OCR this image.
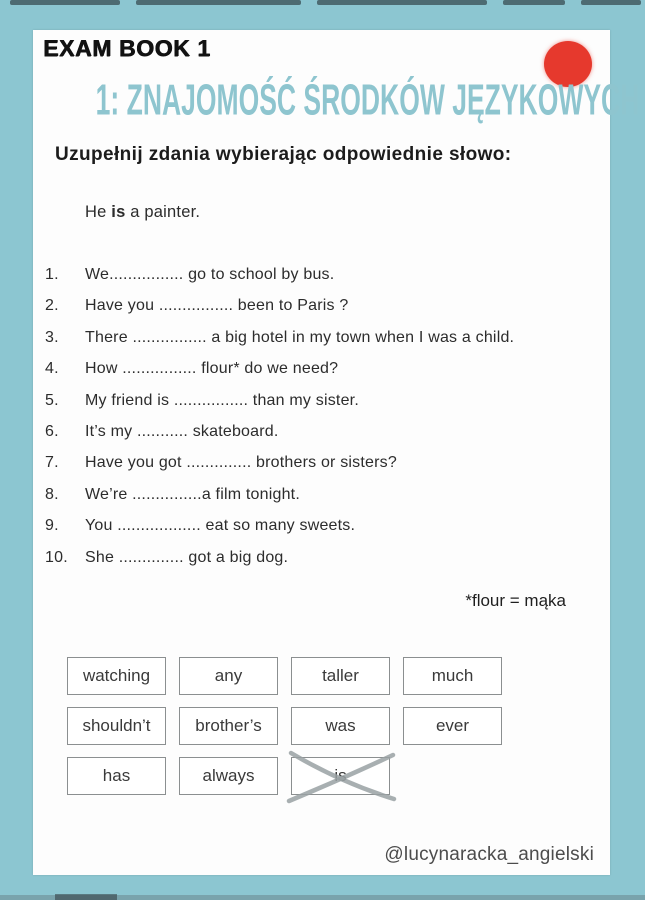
EXAM BOOK 1
1: ZNAJOMOŚĆ ŚRODKÓW JĘZYKOWYCH
Uzupełnij zdania wybierając odpowiednie słowo:
He is a painter.
1.	We................ go to school by bus.
2.	Have you ................ been to Paris ?
3.	There ................ a big hotel in my town when I was a child.
4.	How ................ flour* do we need?
5.	My friend is ................ than my sister.
6.	It’s my ........... skateboard.
7.	Have you got .............. brothers or sisters?
8.	We’re ...............a film tonight.
9.	You .................. eat so many sweets.
10.	She .............. got a big dog.
*flour = mąka
watching	any	taller	much
shouldn’t	brother’s	was	ever
has	always	is
@lucynaracka_angielski
